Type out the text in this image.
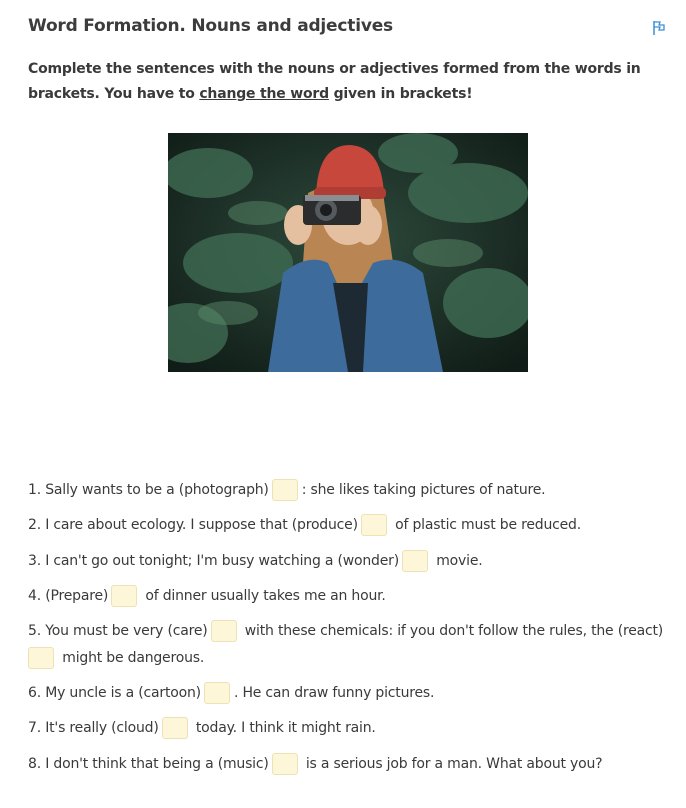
Word Formation. Nouns and adjectives
Complete the sentences with the nouns or adjectives formed from the words in brackets. You have to change the word given in brackets!
1. Sally wants to be a (photograph) : she likes taking pictures of nature.
2. I care about ecology. I suppose that (produce) of plastic must be reduced.
3. I can't go out tonight; I'm busy watching a (wonder) movie.
4. (Prepare) of dinner usually takes me an hour.
5. You must be very (care) with these chemicals: if you don't follow the rules, the (react) might be dangerous.
6. My uncle is a (cartoon) . He can draw funny pictures.
7. It's really (cloud) today. I think it might rain.
8. I don't think that being a (music) is a serious job for a man. What about you?
